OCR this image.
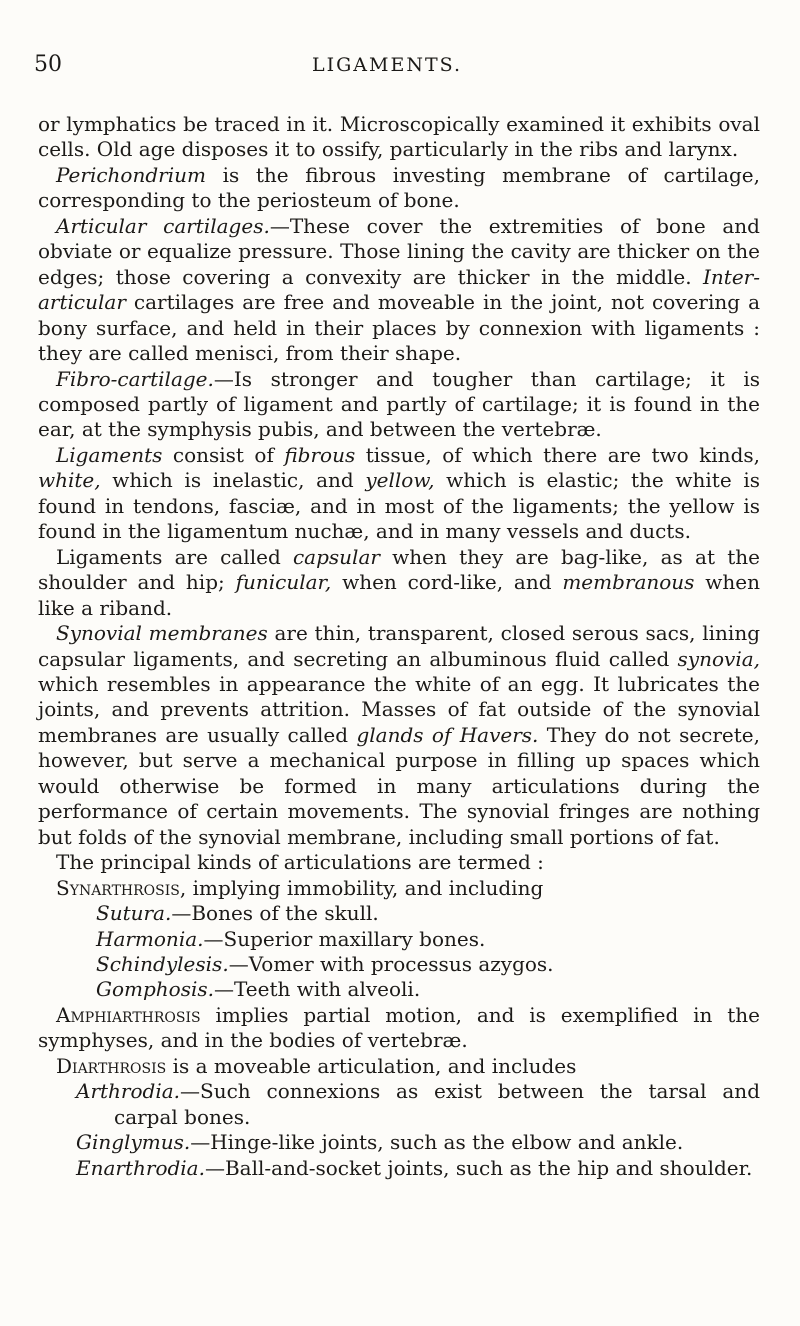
50	LIGAMENTS.

or lymphatics be traced in it. Microscopically examined it exhibits oval cells. Old age disposes it to ossify, particularly in the ribs and larynx.

Perichondrium is the fibrous investing membrane of cartilage, corresponding to the periosteum of bone.

Articular cartilages.—These cover the extremities of bone and obviate or equalize pressure. Those lining the cavity are thicker on the edges; those covering a convexity are thicker in the middle. Inter-articular cartilages are free and moveable in the joint, not covering a bony surface, and held in their places by connexion with ligaments : they are called menisci, from their shape.

Fibro-cartilage.—Is stronger and tougher than cartilage; it is composed partly of ligament and partly of cartilage; it is found in the ear, at the symphysis pubis, and between the vertebræ.

Ligaments consist of fibrous tissue, of which there are two kinds, white, which is inelastic, and yellow, which is elastic; the white is found in tendons, fasciæ, and in most of the ligaments; the yellow is found in the ligamentum nuchæ, and in many vessels and ducts.

Ligaments are called capsular when they are bag-like, as at the shoulder and hip; funicular, when cord-like, and membranous when like a riband.

Synovial membranes are thin, transparent, closed serous sacs, lining capsular ligaments, and secreting an albuminous fluid called synovia, which resembles in appearance the white of an egg. It lubricates the joints, and prevents attrition. Masses of fat outside of the synovial membranes are usually called glands of Havers. They do not secrete, however, but serve a mechanical purpose in filling up spaces which would otherwise be formed in many articulations during the performance of certain movements. The synovial fringes are nothing but folds of the synovial membrane, including small portions of fat.

The principal kinds of articulations are termed :

Synarthrosis, implying immobility, and including

Sutura.—Bones of the skull.

Harmonia.—Superior maxillary bones.

Schindylesis.—Vomer with processus azygos.

Gomphosis.—Teeth with alveoli.

Amphiarthrosis implies partial motion, and is exemplified in the symphyses, and in the bodies of vertebræ.

Diarthrosis is a moveable articulation, and includes

Arthrodia.—Such connexions as exist between the tarsal and carpal bones.

Ginglymus.—Hinge-like joints, such as the elbow and ankle.

Enarthrodia.—Ball-and-socket joints, such as the hip and shoulder.
